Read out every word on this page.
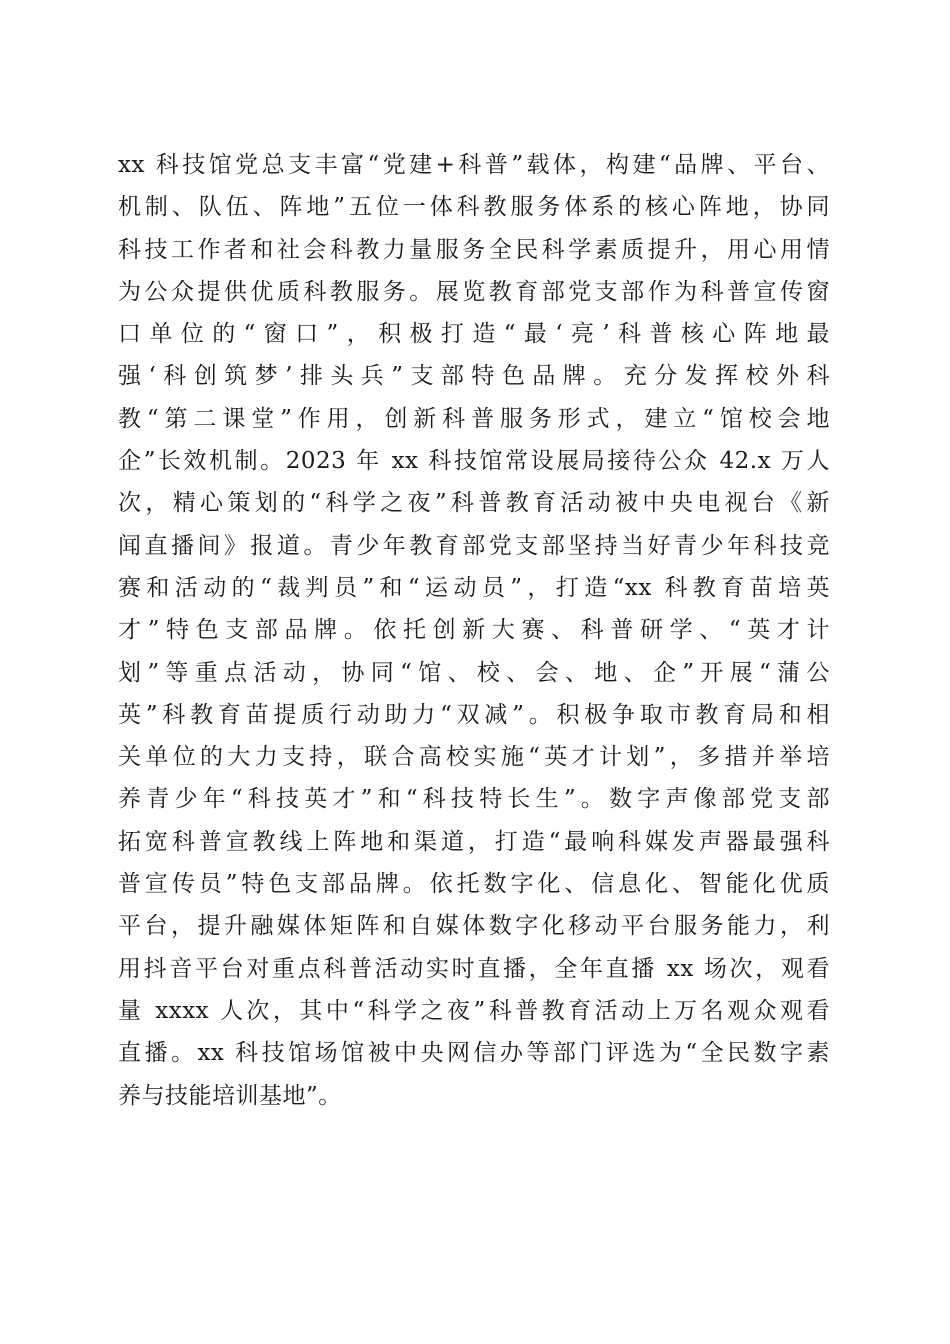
xx 科技馆党总支丰富“党建+科普”载体，构建“品牌、平台、
机制、队伍、阵地”五位一体科教服务体系的核心阵地，协同
科技工作者和社会科教力量服务全民科学素质提升，用心用情
为公众提供优质科教服务。展览教育部党支部作为科普宣传窗
口单位的“窗口”，积极打造“最‘亮’科普核心阵地最
强‘科创筑梦’排头兵”支部特色品牌。充分发挥校外科
教“第二课堂”作用，创新科普服务形式，建立“馆校会地
企”长效机制。2023 年 xx 科技馆常设展局接待公众 42.x 万人
次，精心策划的“科学之夜”科普教育活动被中央电视台《新
闻直播间》报道。青少年教育部党支部坚持当好青少年科技竞
赛和活动的“裁判员”和“运动员”，打造“xx 科教育苗培英
才”特色支部品牌。依托创新大赛、科普研学、“英才计
划”等重点活动，协同“馆、校、会、地、企”开展“蒲公
英”科教育苗提质行动助力“双减”。积极争取市教育局和相
关单位的大力支持，联合高校实施“英才计划”，多措并举培
养青少年“科技英才”和“科技特长生”。数字声像部党支部
拓宽科普宣教线上阵地和渠道，打造“最响科媒发声器最强科
普宣传员”特色支部品牌。依托数字化、信息化、智能化优质
平台，提升融媒体矩阵和自媒体数字化移动平台服务能力，利
用抖音平台对重点科普活动实时直播，全年直播 xx 场次，观看
量 xxxx 人次，其中“科学之夜”科普教育活动上万名观众观看
直播。xx 科技馆场馆被中央网信办等部门评选为“全民数字素
养与技能培训基地”。
